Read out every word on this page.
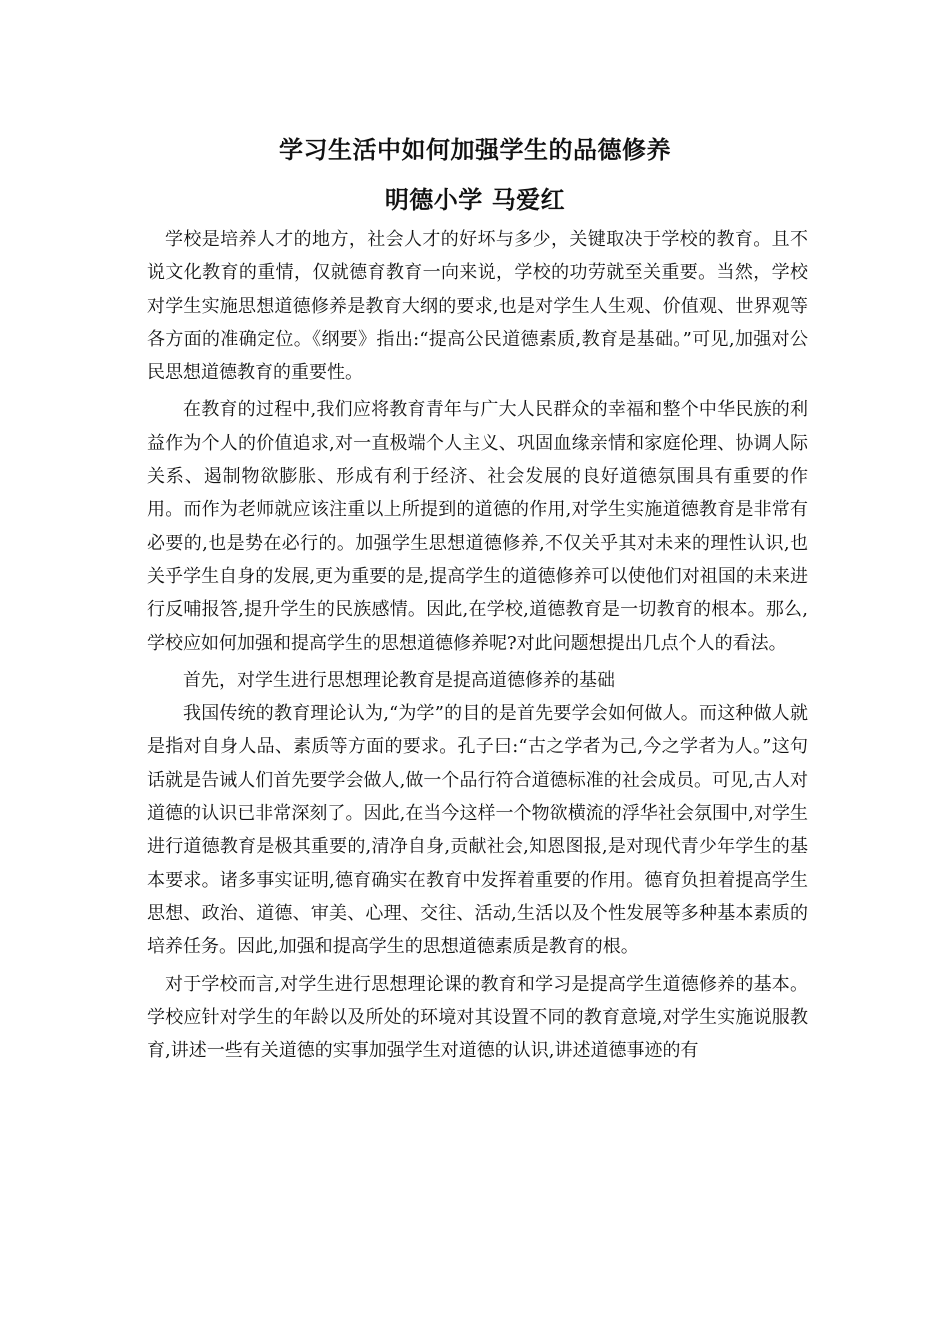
学习生活中如何加强学生的品德修养
明德小学 马爱红

学校是培养人才的地方，社会人才的好坏与多少，关键取决于学校的教育。且不说文化教育的重情，仅就德育教育一向来说，学校的功劳就至关重要。当然，学校对学生实施思想道德修养是教育大纲的要求,也是对学生人生观、价值观、世界观等各方面的准确定位。《纲要》指出:“提高公民道德素质,教育是基础。”可见,加强对公民思想道德教育的重要性。

在教育的过程中,我们应将教育青年与广大人民群众的幸福和整个中华民族的利益作为个人的价值追求,对一直极端个人主义、巩固血缘亲情和家庭伦理、协调人际关系、遏制物欲膨胀、形成有利于经济、社会发展的良好道德氛围具有重要的作用。而作为老师就应该注重以上所提到的道德的作用,对学生实施道德教育是非常有必要的,也是势在必行的。加强学生思想道德修养,不仅关乎其对未来的理性认识,也关乎学生自身的发展,更为重要的是,提高学生的道德修养可以使他们对祖国的未来进行反哺报答,提升学生的民族感情。因此,在学校,道德教育是一切教育的根本。那么,学校应如何加强和提高学生的思想道德修养呢?对此问题想提出几点个人的看法。

首先，对学生进行思想理论教育是提高道德修养的基础

我国传统的教育理论认为,“为学”的目的是首先要学会如何做人。而这种做人就是指对自身人品、素质等方面的要求。孔子曰:“古之学者为己,今之学者为人。”这句话就是告诫人们首先要学会做人,做一个品行符合道德标准的社会成员。可见,古人对道德的认识已非常深刻了。因此,在当今这样一个物欲横流的浮华社会氛围中,对学生进行道德教育是极其重要的,清净自身,贡献社会,知恩图报,是对现代青少年学生的基本要求。诸多事实证明,德育确实在教育中发挥着重要的作用。德育负担着提高学生思想、政治、道德、审美、心理、交往、活动,生活以及个性发展等多种基本素质的培养任务。因此,加强和提高学生的思想道德素质是教育的根。

对于学校而言,对学生进行思想理论课的教育和学习是提高学生道德修养的基本。学校应针对学生的年龄以及所处的环境对其设置不同的教育意境,对学生实施说服教育,讲述一些有关道德的实事加强学生对道德的认识,讲述道德事迹的有
